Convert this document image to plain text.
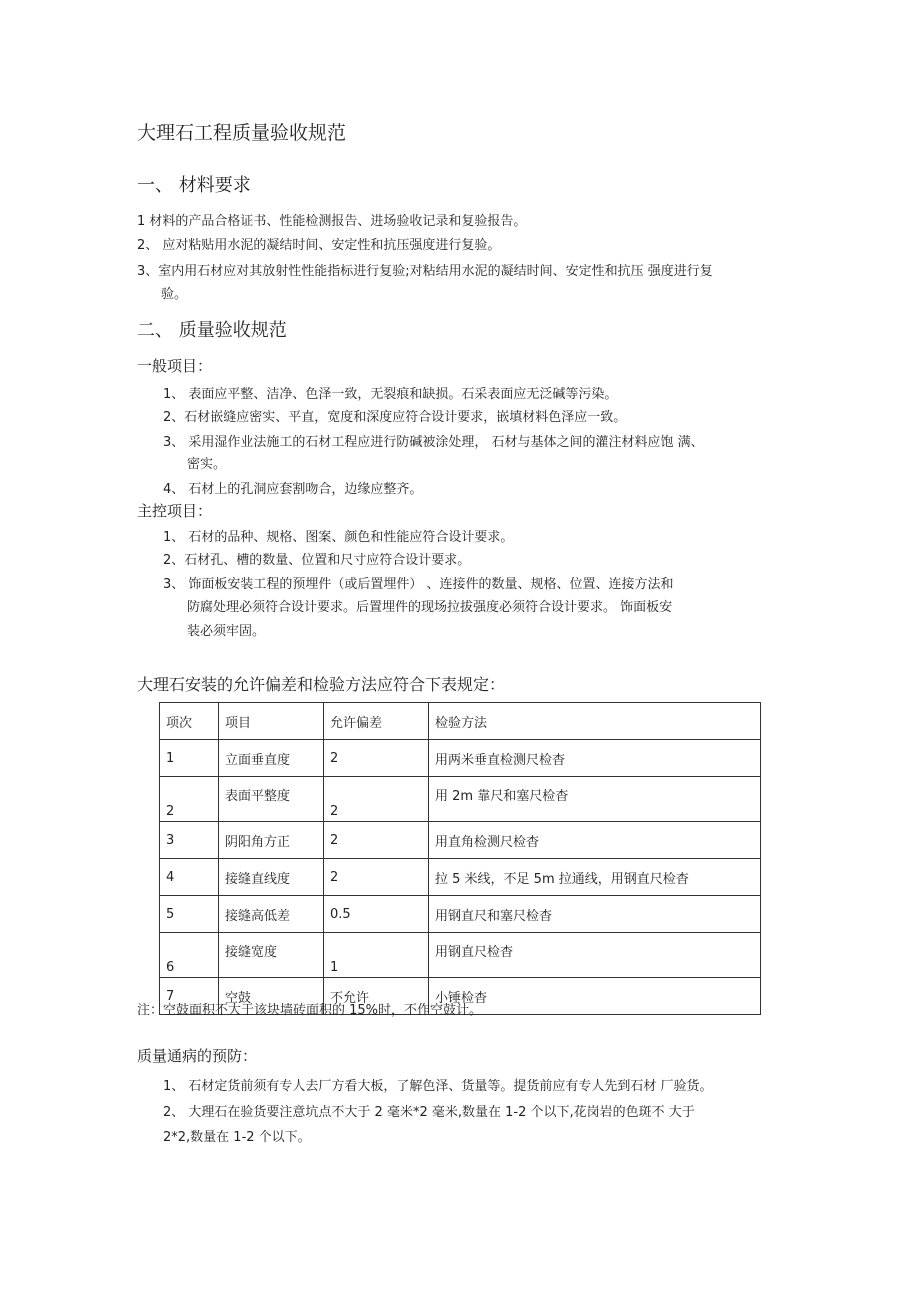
大理石工程质量验收规范
一、 材料要求
1 材料的产品合格证书、性能检测报告、进场验收记录和复验报告。
2、 应对粘贴用水泥的凝结时间、安定性和抗压强度进行复验。
3、室内用石材应对其放射性性能指标进行复验;对粘结用水泥的凝结时间、安定性和抗压 强度进行复
验。
二、 质量验收规范
一般项目：
1、 表面应平整、洁净、色泽一致，无裂痕和缺损。石采表面应无泛碱等污染。
2、石材嵌缝应密实、平直，宽度和深度应符合设计要求，嵌填材料色泽应一致。
3、 采用湿作业法施工的石材工程应进行防碱被涂处理， 石材与基体之间的灌注材料应饱 满、
密实。
4、 石材上的孔洞应套割吻合，边缘应整齐。
主控项目：
1、 石材的品种、规格、图案、颜色和性能应符合设计要求。
2、石材孔、槽的数量、位置和尺寸应符合设计要求。
3、 饰面板安装工程的预埋件（或后置埋件） 、连接件的数量、规格、位置、连接方法和
防腐处理必须符合设计要求。后置埋件的现场拉拔强度必须符合设计要求。 饰面板安
装必须牢固。
大理石安装的允许偏差和检验方法应符合下表规定：
项次	项目	允许偏差	检验方法
1	立面垂直度	2	用两米垂直检测尺检杳
2	表面平整度	2	用 2m 靠尺和塞尺检杳
3	阴阳角方正	2	用直角检测尺检杳
4	接缝直线度	2	拉 5 米线，不足 5m 拉通线，用钢直尺检杳
5	接缝高低差	0.5	用钢直尺和塞尺检杳
6	接缝宽度	1	用钢直尺检杳
7	空鼓	不允许	小锤检杳
注：空鼓面积不大于该块墙砖面积的 15%时，不作空鼓计。
质量通病的预防：
1、 石材定货前须有专人去厂方看大板，了解色泽、货量等。提货前应有专人先到石材 厂验货。
2、 大理石在验货要注意坑点不大于 2 毫米*2 毫米,数量在 1-2 个以下,花岗岩的色斑不 大于
2*2,数量在 1-2 个以下。
